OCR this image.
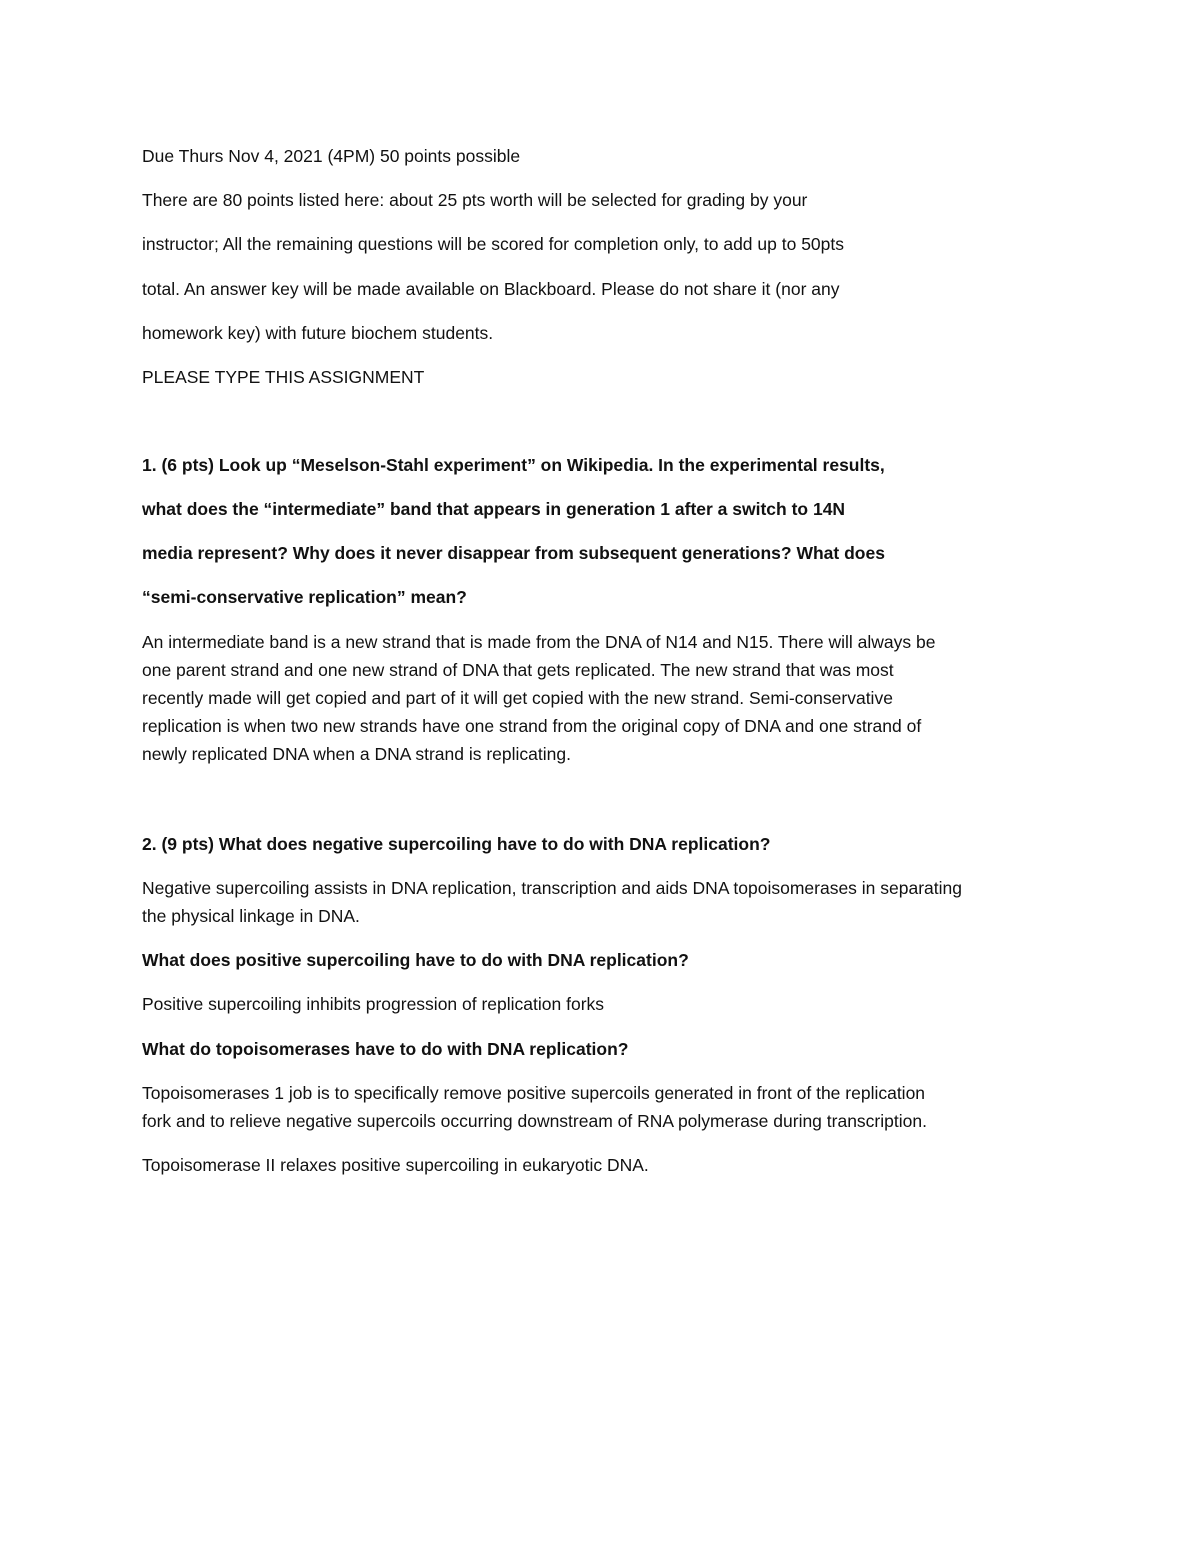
Due Thurs Nov 4, 2021 (4PM) 50 points possible

There are 80 points listed here: about 25 pts worth will be selected for grading by your

instructor; All the remaining questions will be scored for completion only, to add up to 50pts

total. An answer key will be made available on Blackboard. Please do not share it (nor any

homework key) with future biochem students.

PLEASE TYPE THIS ASSIGNMENT

1. (6 pts) Look up “Meselson-Stahl experiment” on Wikipedia. In the experimental results,

what does the “intermediate” band that appears in generation 1 after a switch to 14N

media represent? Why does it never disappear from subsequent generations? What does

“semi-conservative replication” mean?

An intermediate band is a new strand that is made from the DNA of N14 and N15. There will always be

one parent strand and one new strand of DNA that gets replicated. The new strand that was most

recently made will get copied and part of it will get copied with the new strand. Semi-conservative

replication is when two new strands have one strand from the original copy of DNA and one strand of

newly replicated DNA when a DNA strand is replicating.

2. (9 pts) What does negative supercoiling have to do with DNA replication?

Negative supercoiling assists in DNA replication, transcription and aids DNA topoisomerases in separating

the physical linkage in DNA.

What does positive supercoiling have to do with DNA replication?

Positive supercoiling inhibits progression of replication forks

What do topoisomerases have to do with DNA replication?

Topoisomerases 1 job is to specifically remove positive supercoils generated in front of the replication

fork and to relieve negative supercoils occurring downstream of RNA polymerase during transcription.

Topoisomerase II relaxes positive supercoiling in eukaryotic DNA.
